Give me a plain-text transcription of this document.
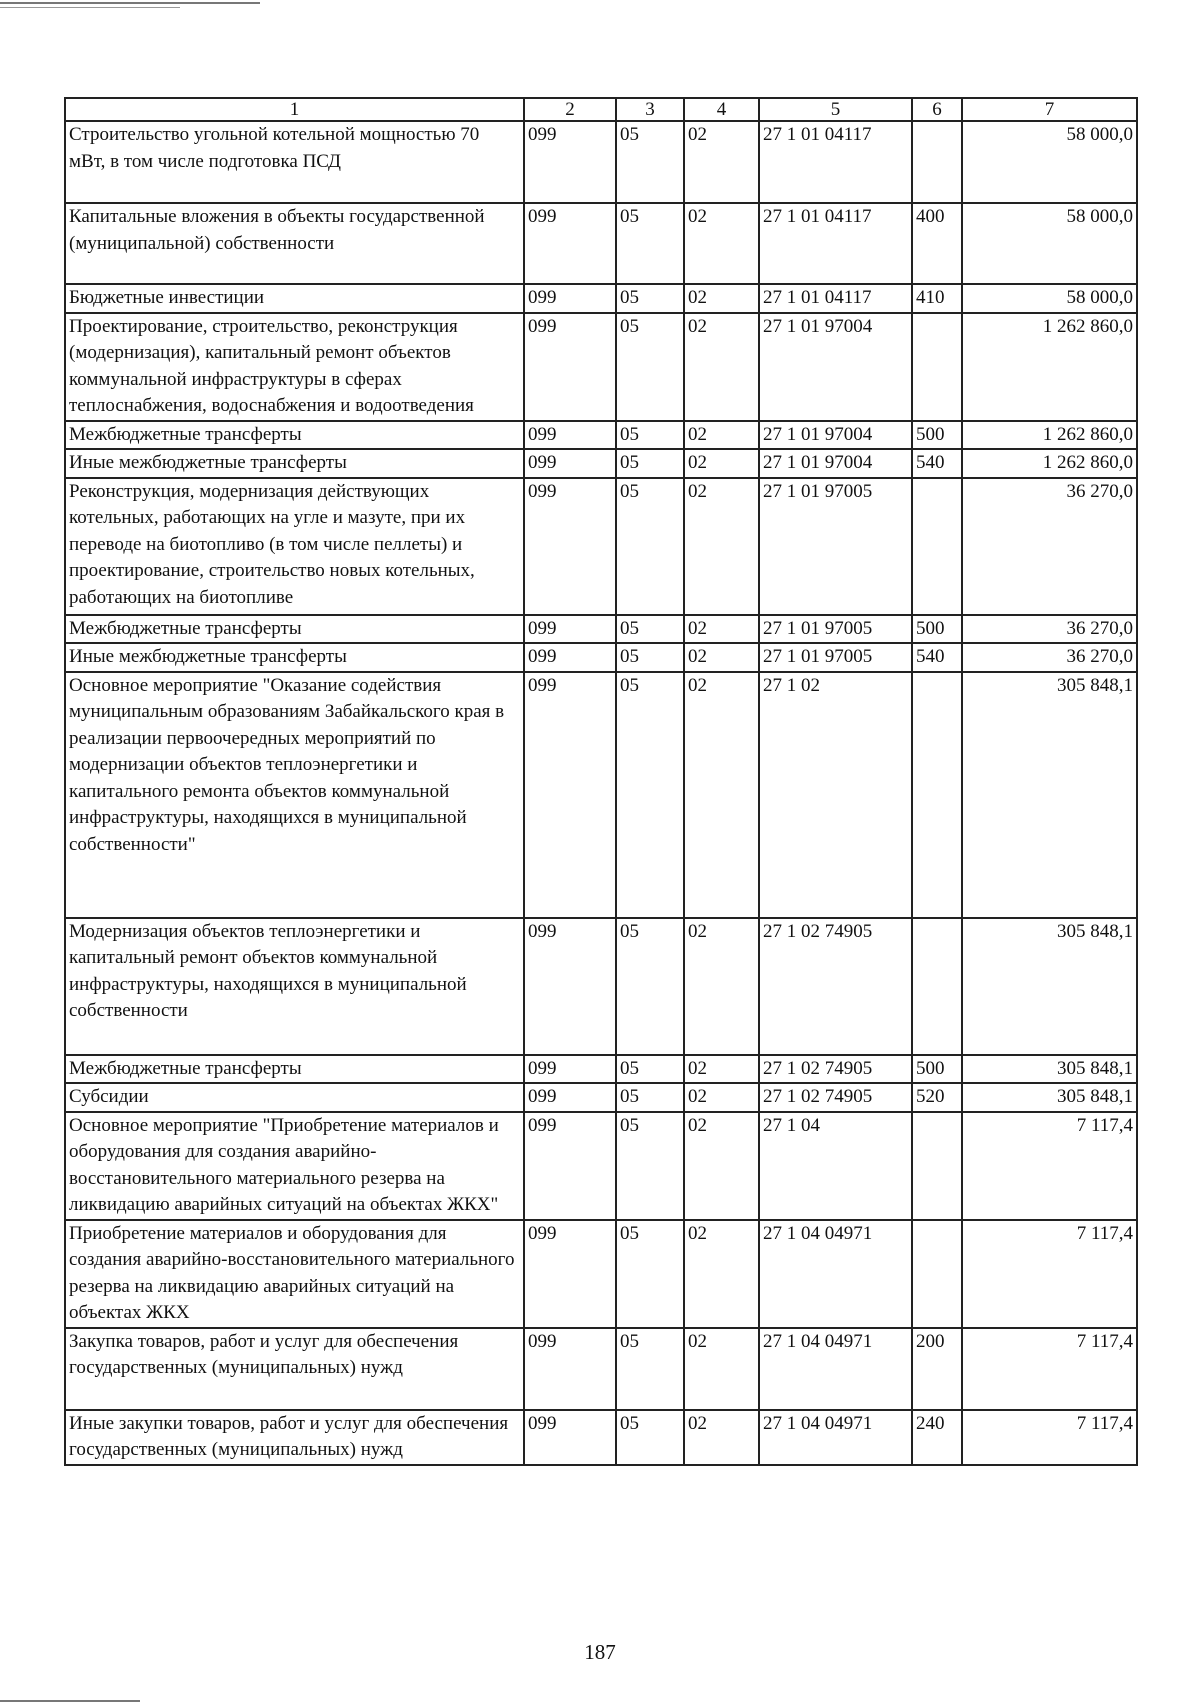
1	2	3	4	5	6	7
Строительство угольной котельной мощностью 70 мВт, в том числе подготовка ПСД	099	05	02	27 1 01 04117		58 000,0
Капитальные вложения в объекты государственной (муниципальной) собственности	099	05	02	27 1 01 04117	400	58 000,0
Бюджетные инвестиции	099	05	02	27 1 01 04117	410	58 000,0
Проектирование, строительство, реконструкция (модернизация), капитальный ремонт объектов коммунальной инфраструктуры в сферах теплоснабжения, водоснабжения и водоотведения	099	05	02	27 1 01 97004		1 262 860,0
Межбюджетные трансферты	099	05	02	27 1 01 97004	500	1 262 860,0
Иные межбюджетные трансферты	099	05	02	27 1 01 97004	540	1 262 860,0
Реконструкция, модернизация действующих котельных, работающих на угле и мазуте, при их переводе на биотопливо (в том числе пеллеты) и проектирование, строительство новых котельных, работающих на биотопливе	099	05	02	27 1 01 97005		36 270,0
Межбюджетные трансферты	099	05	02	27 1 01 97005	500	36 270,0
Иные межбюджетные трансферты	099	05	02	27 1 01 97005	540	36 270,0
Основное мероприятие "Оказание содействия муниципальным образованиям Забайкальского края в реализации первоочередных мероприятий по модернизации объектов теплоэнергетики и капитального ремонта объектов коммунальной инфраструктуры, находящихся в муниципальной собственности"	099	05	02	27 1 02		305 848,1
Модернизация объектов теплоэнергетики и капитальный ремонт объектов коммунальной инфраструктуры, находящихся в муниципальной собственности	099	05	02	27 1 02 74905		305 848,1
Межбюджетные трансферты	099	05	02	27 1 02 74905	500	305 848,1
Субсидии	099	05	02	27 1 02 74905	520	305 848,1
Основное мероприятие "Приобретение материалов и оборудования для создания аварийно-восстановительного материального резерва на ликвидацию аварийных ситуаций на объектах ЖКХ"	099	05	02	27 1 04		7 117,4
Приобретение материалов и оборудования для создания аварийно-восстановительного материального резерва на ликвидацию аварийных ситуаций на объектах ЖКХ	099	05	02	27 1 04 04971		7 117,4
Закупка товаров, работ и услуг для обеспечения государственных (муниципальных) нужд	099	05	02	27 1 04 04971	200	7 117,4
Иные закупки товаров, работ и услуг для обеспечения государственных (муниципальных) нужд	099	05	02	27 1 04 04971	240	7 117,4
187
